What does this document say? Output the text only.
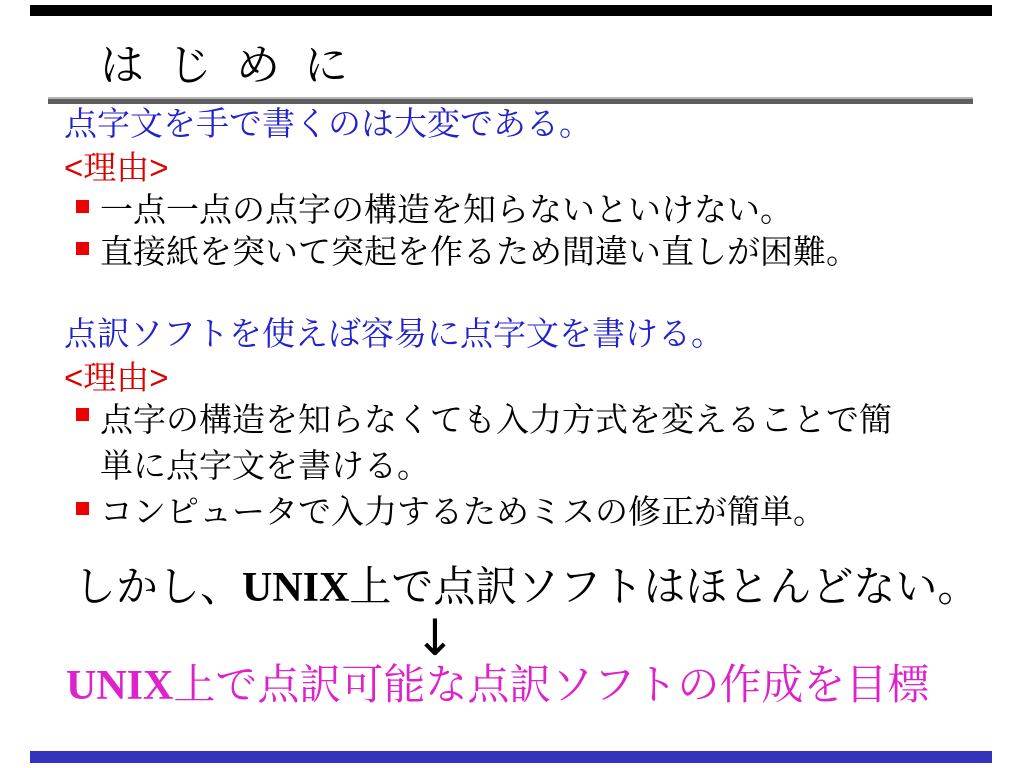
はじめに
点字文を手で書くのは大変である。
<理由>
一点一点の点字の構造を知らないといけない。
直接紙を突いて突起を作るため間違い直しが困難。
点訳ソフトを使えば容易に点字文を書ける。
<理由>
点字の構造を知らなくても入力方式を変えることで簡
単に点字文を書ける。
コンピュータで入力するためミスの修正が簡単。
しかし、UNIX上で点訳ソフトはほとんどない。
↓
UNIX上で点訳可能な点訳ソフトの作成を目標
